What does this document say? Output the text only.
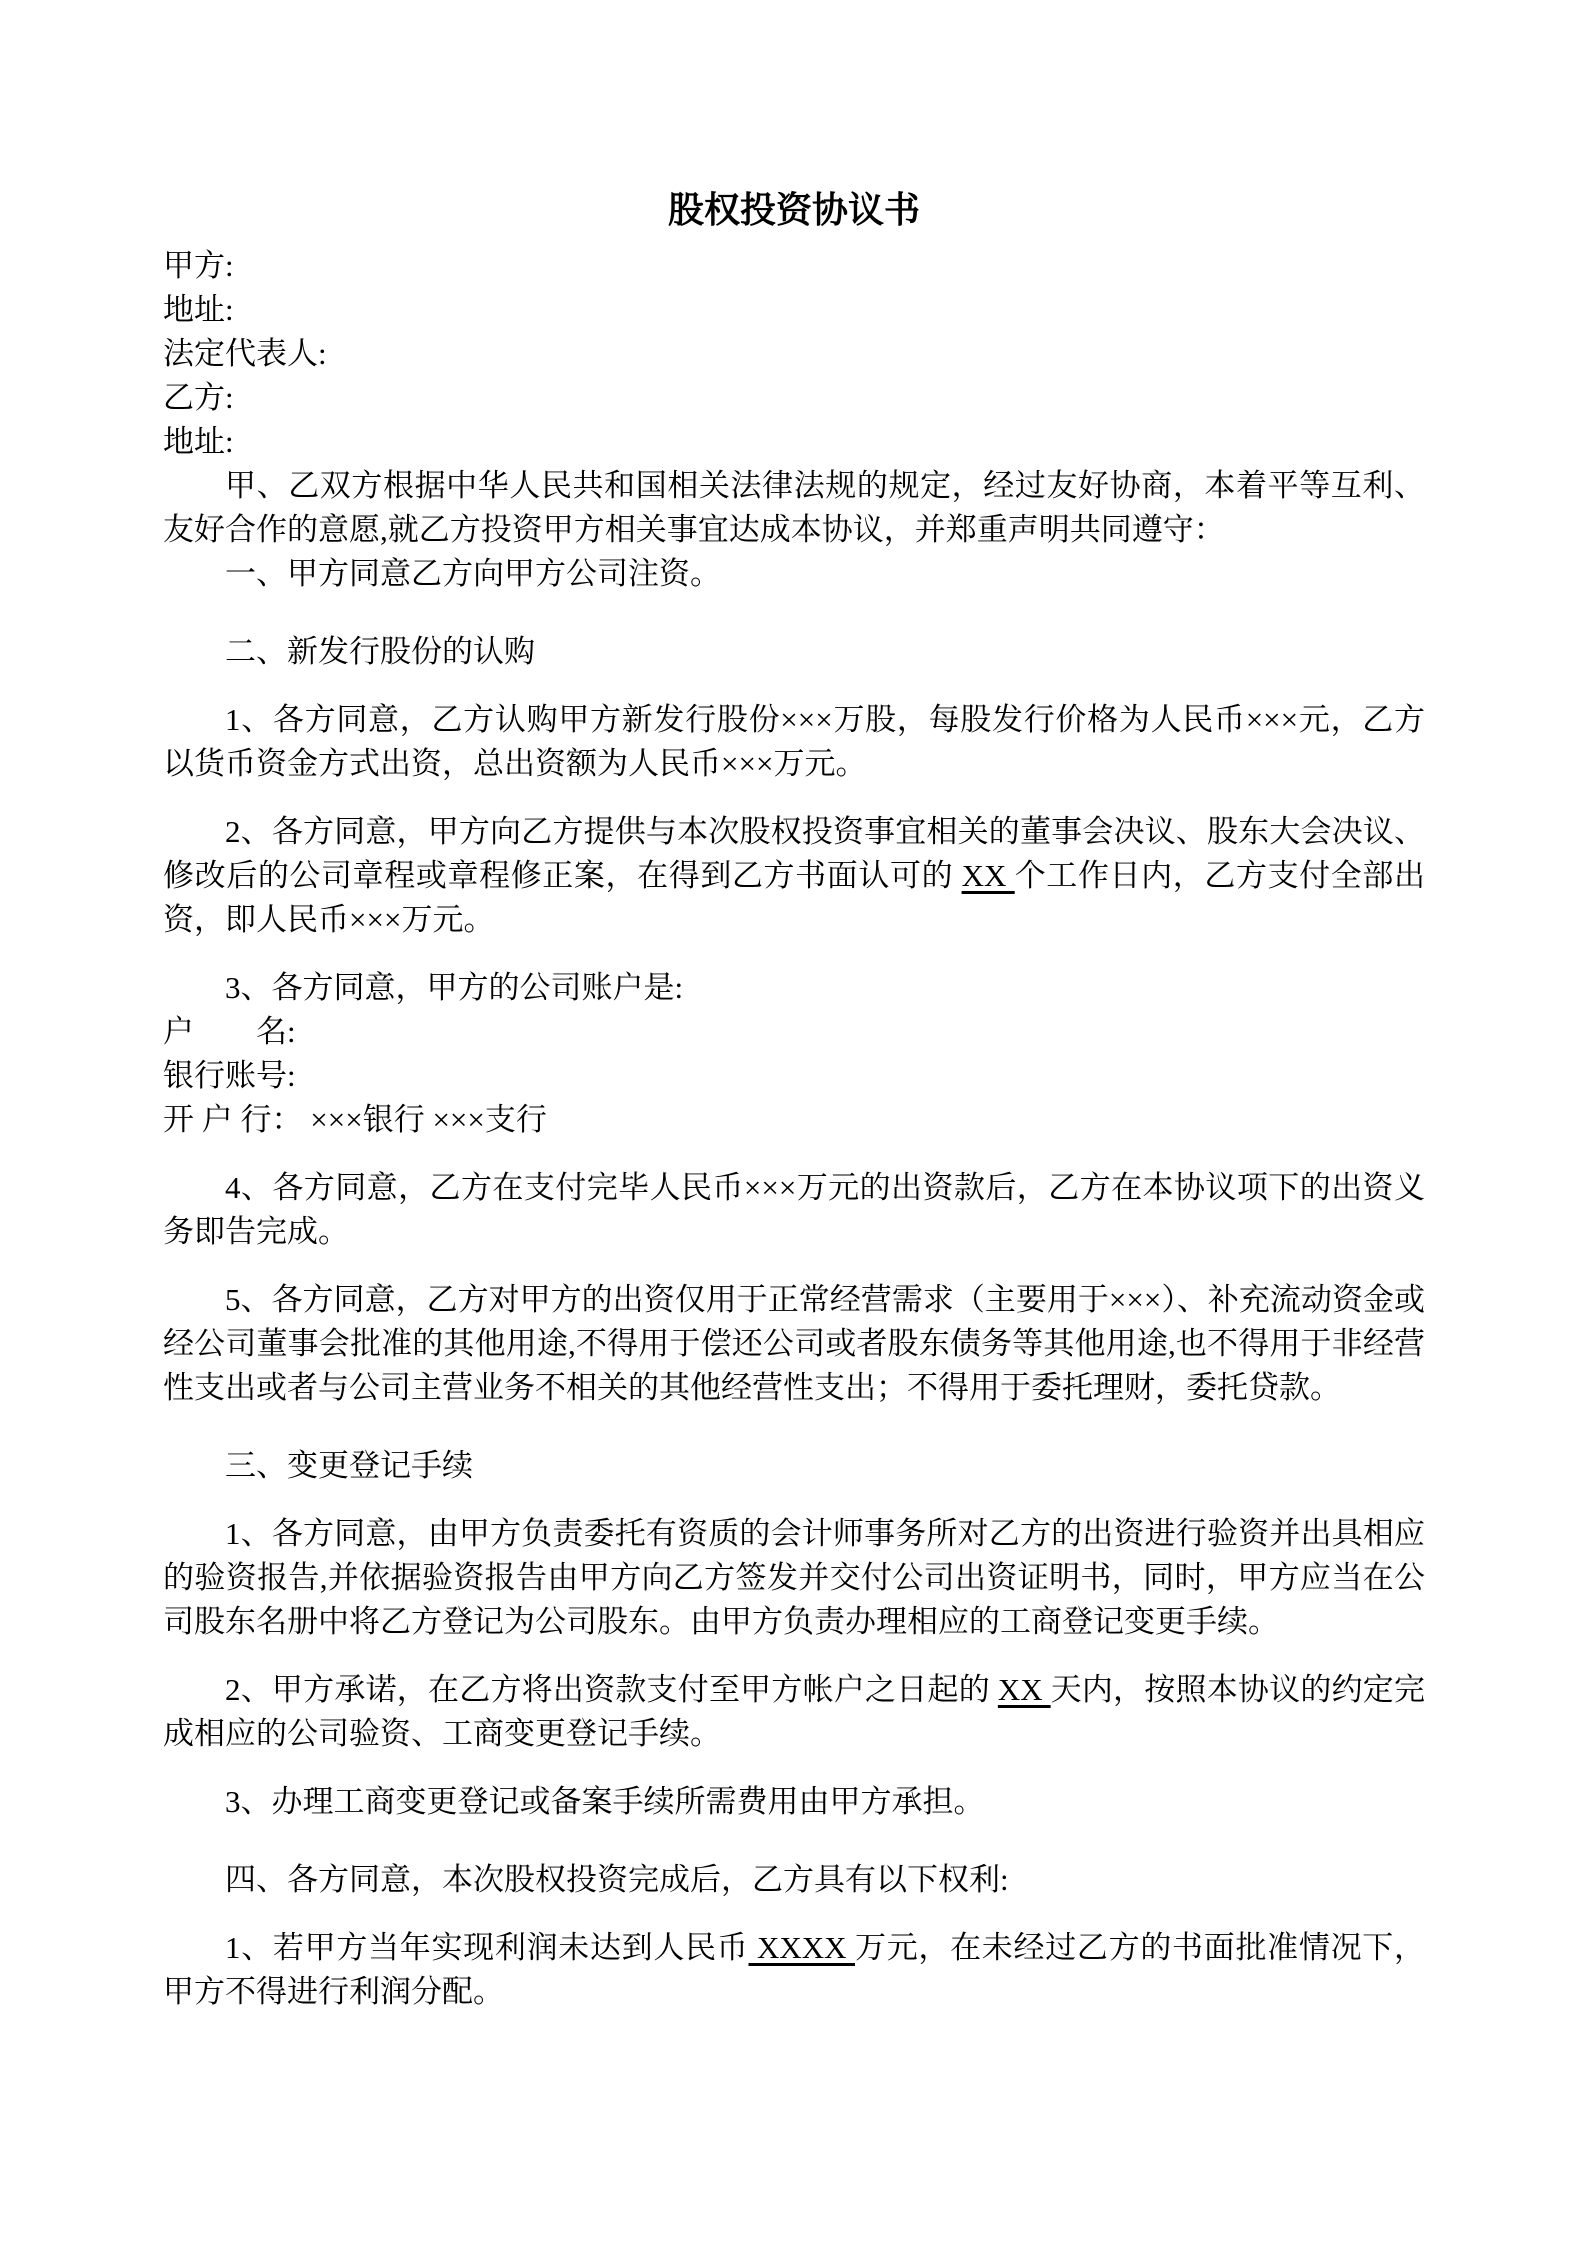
股权投资协议书

甲方:

地址:

法定代表人:

乙方:

地址:

甲、乙双方根据中华人民共和国相关法律法规的规定，经过友好协商，本着平等互利、友好合作的意愿,就乙方投资甲方相关事宜达成本协议，并郑重声明共同遵守：

一、甲方同意乙方向甲方公司注资。

二、新发行股份的认购

1、各方同意，乙方认购甲方新发行股份×××万股，每股发行价格为人民币×××元，乙方以货币资金方式出资，总出资额为人民币×××万元。

2、各方同意，甲方向乙方提供与本次股权投资事宜相关的董事会决议、股东大会决议、修改后的公司章程或章程修正案，在得到乙方书面认可的 XX 个工作日内，乙方支付全部出资，即人民币×××万元。

3、各方同意，甲方的公司账户是:

户　　名:

银行账号:

开 户 行： ×××银行 ×××支行

4、各方同意，乙方在支付完毕人民币×××万元的出资款后，乙方在本协议项下的出资义务即告完成。

5、各方同意，乙方对甲方的出资仅用于正常经营需求（主要用于×××）、补充流动资金或经公司董事会批准的其他用途,不得用于偿还公司或者股东债务等其他用途,也不得用于非经营性支出或者与公司主营业务不相关的其他经营性支出；不得用于委托理财，委托贷款。

三、变更登记手续

1、各方同意，由甲方负责委托有资质的会计师事务所对乙方的出资进行验资并出具相应的验资报告,并依据验资报告由甲方向乙方签发并交付公司出资证明书，同时，甲方应当在公司股东名册中将乙方登记为公司股东。由甲方负责办理相应的工商登记变更手续。

2、甲方承诺，在乙方将出资款支付至甲方帐户之日起的 XX 天内，按照本协议的约定完成相应的公司验资、工商变更登记手续。

3、办理工商变更登记或备案手续所需费用由甲方承担。

四、各方同意，本次股权投资完成后，乙方具有以下权利:

1、若甲方当年实现利润未达到人民币 XXXX 万元，在未经过乙方的书面批准情况下，甲方不得进行利润分配。
